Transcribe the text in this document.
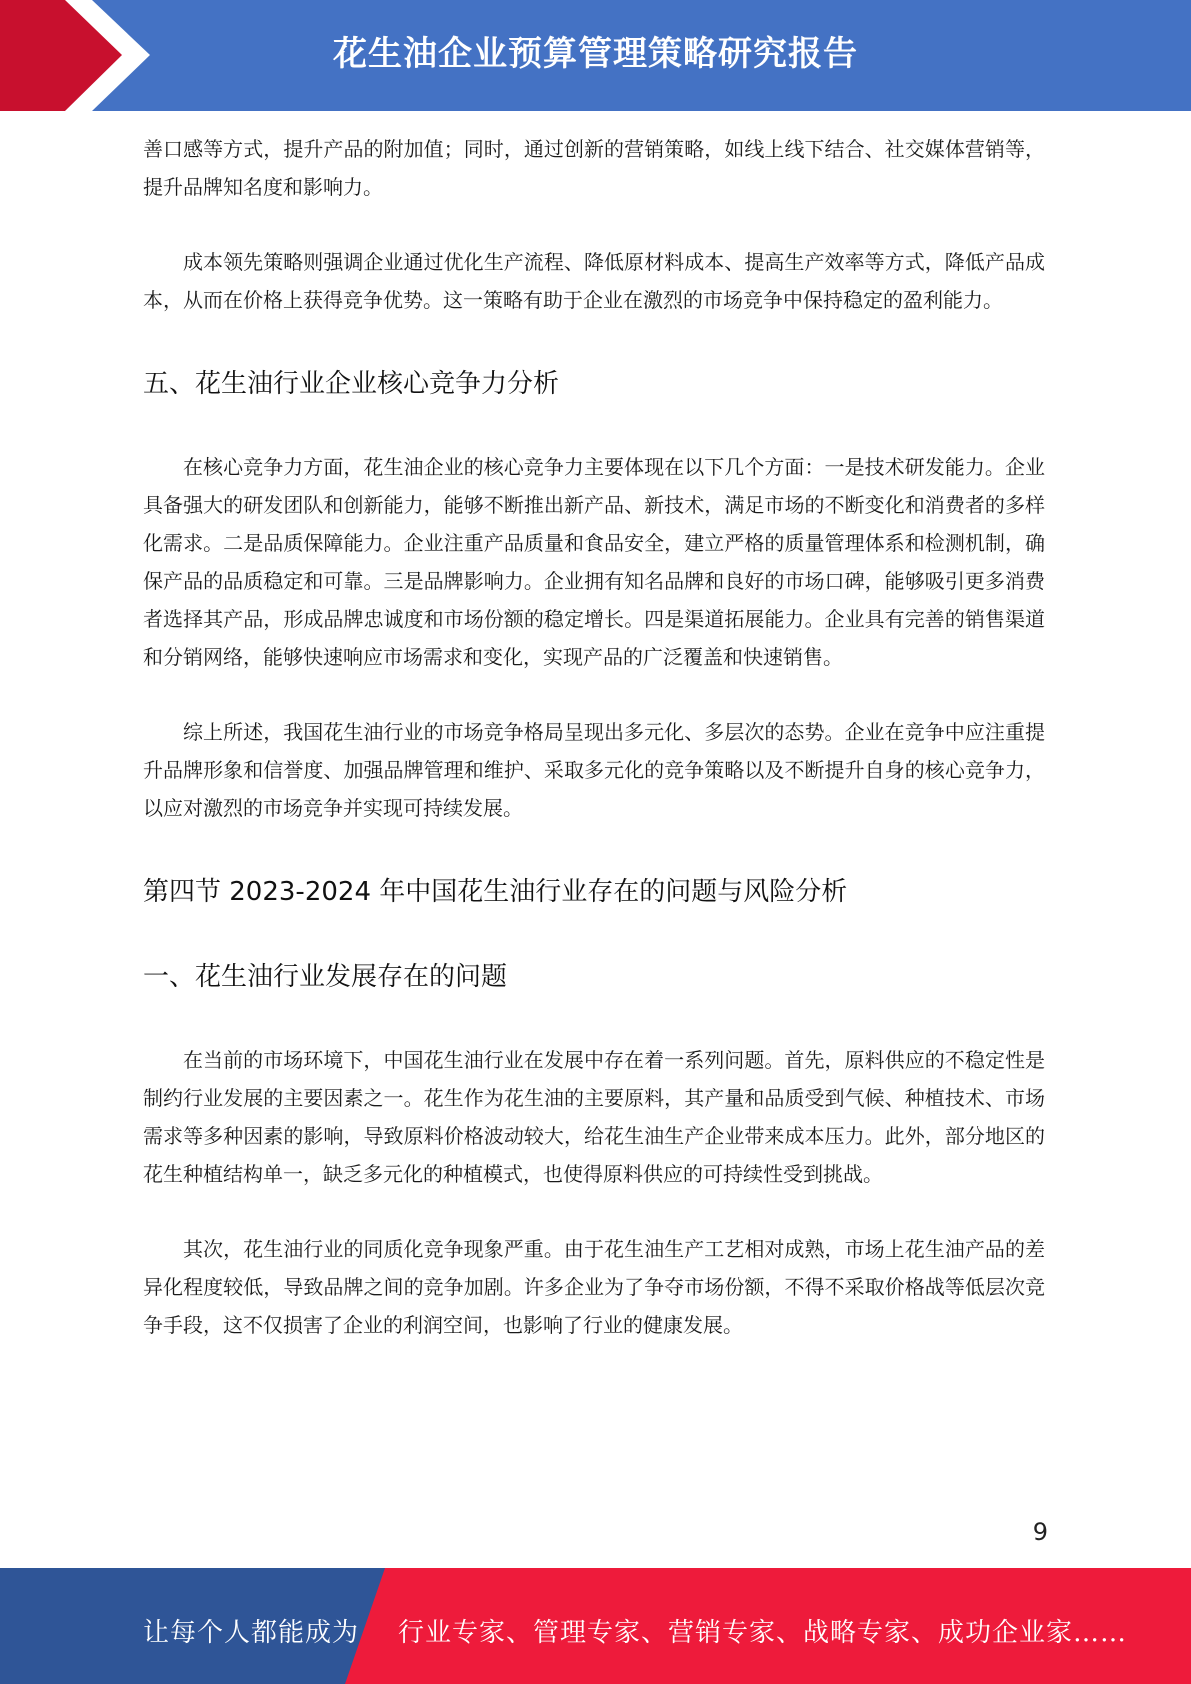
花生油企业预算管理策略研究报告

善口感等方式，提升产品的附加值；同时，通过创新的营销策略，如线上线下结合、社交媒体营销等，提升品牌知名度和影响力。

成本领先策略则强调企业通过优化生产流程、降低原材料成本、提高生产效率等方式，降低产品成本，从而在价格上获得竞争优势。这一策略有助于企业在激烈的市场竞争中保持稳定的盈利能力。

五、花生油行业企业核心竞争力分析

在核心竞争力方面，花生油企业的核心竞争力主要体现在以下几个方面：一是技术研发能力。企业具备强大的研发团队和创新能力，能够不断推出新产品、新技术，满足市场的不断变化和消费者的多样化需求。二是品质保障能力。企业注重产品质量和食品安全，建立严格的质量管理体系和检测机制，确保产品的品质稳定和可靠。三是品牌影响力。企业拥有知名品牌和良好的市场口碑，能够吸引更多消费者选择其产品，形成品牌忠诚度和市场份额的稳定增长。四是渠道拓展能力。企业具有完善的销售渠道和分销网络，能够快速响应市场需求和变化，实现产品的广泛覆盖和快速销售。

综上所述，我国花生油行业的市场竞争格局呈现出多元化、多层次的态势。企业在竞争中应注重提升品牌形象和信誉度、加强品牌管理和维护、采取多元化的竞争策略以及不断提升自身的核心竞争力，以应对激烈的市场竞争并实现可持续发展。

第四节 2023-2024 年中国花生油行业存在的问题与风险分析
一、花生油行业发展存在的问题

在当前的市场环境下，中国花生油行业在发展中存在着一系列问题。首先，原料供应的不稳定性是制约行业发展的主要因素之一。花生作为花生油的主要原料，其产量和品质受到气候、种植技术、市场需求等多种因素的影响，导致原料价格波动较大，给花生油生产企业带来成本压力。此外，部分地区的花生种植结构单一，缺乏多元化的种植模式，也使得原料供应的可持续性受到挑战。

其次，花生油行业的同质化竞争现象严重。由于花生油生产工艺相对成熟，市场上花生油产品的差异化程度较低，导致品牌之间的竞争加剧。许多企业为了争夺市场份额，不得不采取价格战等低层次竞争手段，这不仅损害了企业的利润空间，也影响了行业的健康发展。

9
让每个人都能成为 行业专家、管理专家、营销专家、战略专家、成功企业家……
